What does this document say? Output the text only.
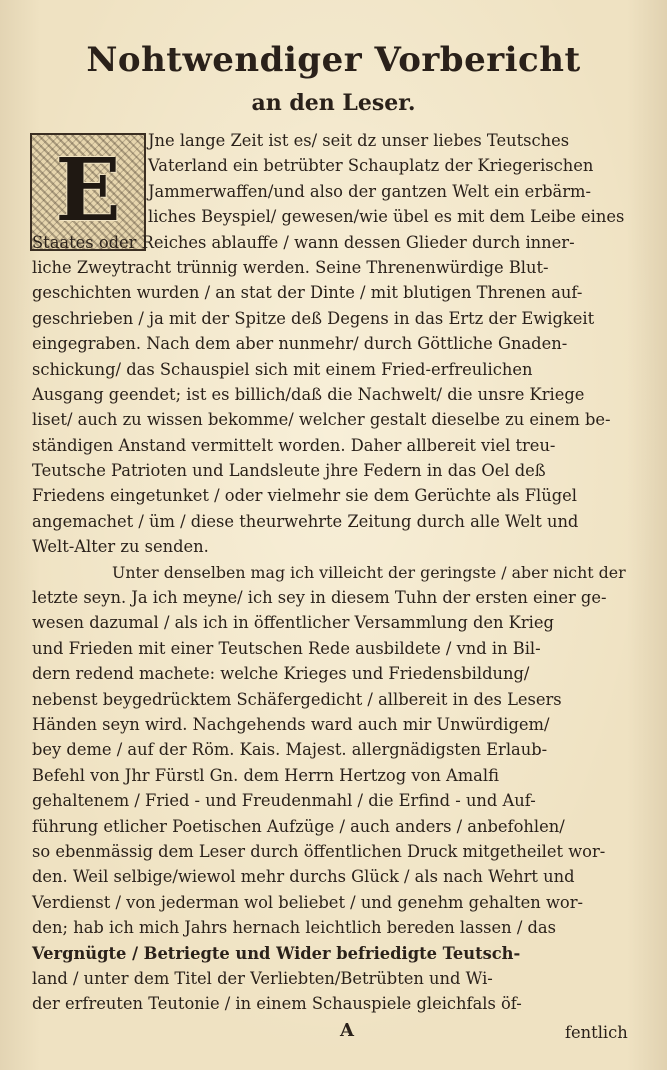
Nohtwendiger Vorbericht
an den Leser.
E	Jne lange Zeit ist es/ seit dz unser liebes Teutsches
Vaterland ein betrübter Schauplatz der Kriegerischen
Jammerwaffen/und also der gantzen Welt ein erbärm-
liches Beyspiel/ gewesen/wie übel es mit dem Leibe eines
Staates oder Reiches ablauffe / wann dessen Glieder durch inner-
liche Zweytracht trünnig werden. Seine Threnenwürdige Blut-
geschichten wurden / an stat der Dinte / mit blutigen Threnen auf-
geschrieben / ja mit der Spitze deß Degens in das Ertz der Ewigkeit
eingegraben. Nach dem aber nunmehr/ durch Göttliche Gnaden-
schickung/ das Schauspiel sich mit einem Fried-erfreulichen
Ausgang geendet; ist es billich/daß die Nachwelt/ die unsre Kriege
liset/ auch zu wissen bekomme/ welcher gestalt dieselbe zu einem be-
ständigen Anstand vermittelt worden. Daher allbereit viel treu-
Teutsche Patrioten und Landsleute jhre Federn in das Oel deß
Friedens eingetunket / oder vielmehr sie dem Gerüchte als Flügel
angemachet / üm / diese theurwehrte Zeitung durch alle Welt und
Welt-Alter zu senden.
Unter denselben mag ich villeicht der geringste / aber nicht der
letzte seyn. Ja ich meyne/ ich sey in diesem Tuhn der ersten einer ge-
wesen dazumal / als ich in öffentlicher Versammlung den Krieg
und Frieden mit einer Teutschen Rede ausbildete / vnd in Bil-
dern redend machete: welche Krieges und Friedensbildung/
nebenst beygedrücktem Schäfergedicht / allbereit in des Lesers
Händen seyn wird. Nachgehends ward auch mir Unwürdigem/
bey deme / auf der Röm. Kais. Majest. allergnädigsten Erlaub-
Befehl von Jhr Fürstl Gn. dem Herrn Hertzog von Amalfi
gehaltenem / Fried - und Freudenmahl / die Erfind - und Auf-
führung etlicher Poetischen Aufzüge / auch anders / anbefohlen/
so ebenmässig dem Leser durch öffentlichen Druck mitgetheilet wor-
den. Weil selbige/wiewol mehr durchs Glück / als nach Wehrt und
Verdienst / von jederman wol beliebet / und genehm gehalten wor-
den; hab ich mich Jahrs hernach leichtlich bereden lassen / das
Vergnügte / Betriegte und Wider befriedigte Teutsch-
land / unter dem Titel der Verliebten/Betrübten und Wi-
der erfreuten Teutonie / in einem Schauspiele gleichfals öf-
A	fentlich
